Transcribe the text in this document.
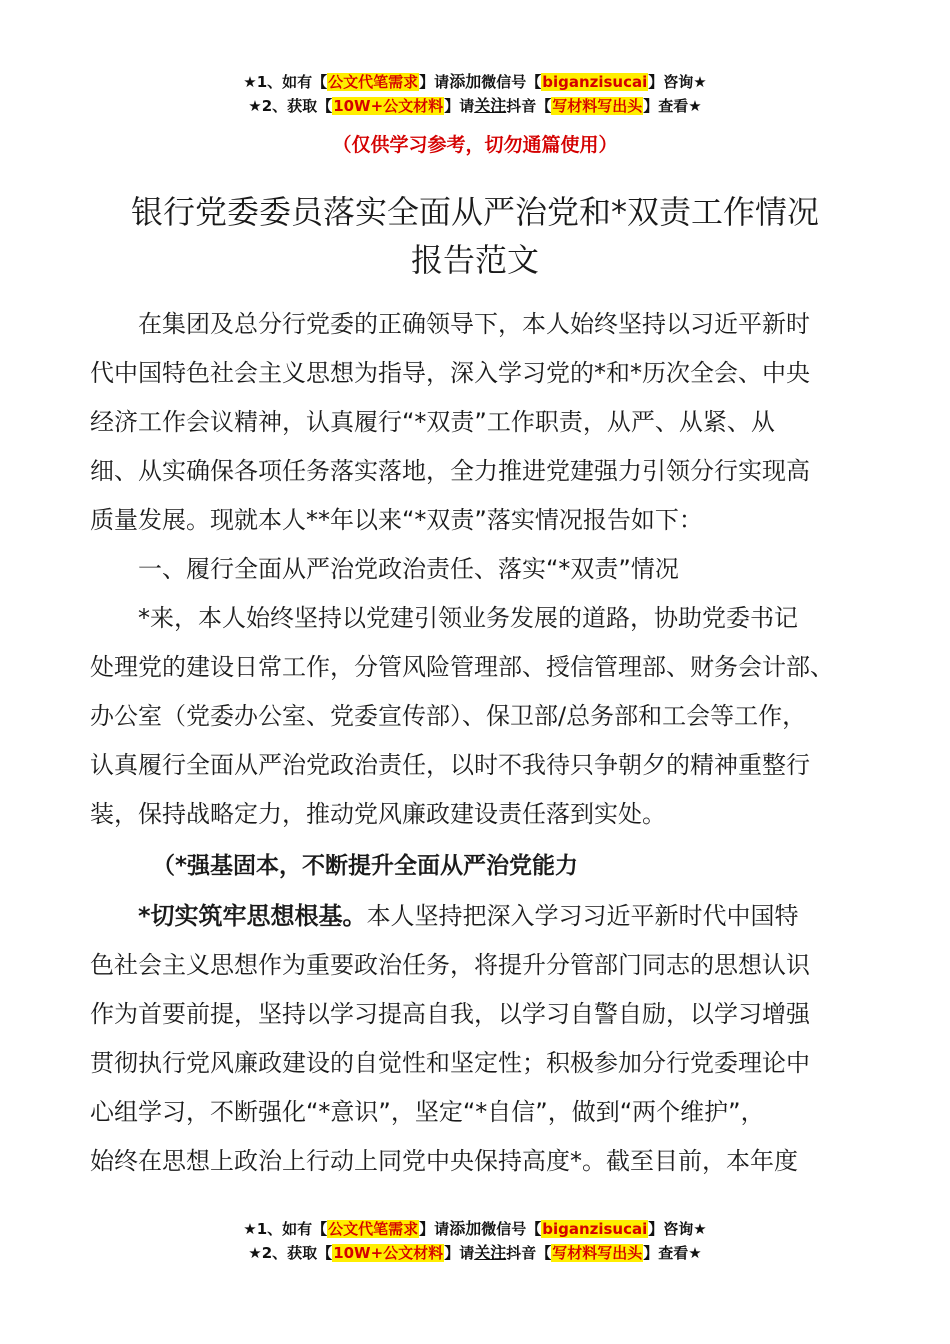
★1、如有【公文代笔需求】请添加微信号【biganzisucai】咨询★
★2、获取【10W+公文材料】请关注抖音【写材料写出头】查看★
（仅供学习参考，切勿通篇使用）
银行党委委员落实全面从严治党和*双责工作情况
报告范文
在集团及总分行党委的正确领导下，本人始终坚持以习近平新时
代中国特色社会主义思想为指导，深入学习党的*和*历次全会、中央
经济工作会议精神，认真履行“*双责”工作职责，从严、从紧、从
细、从实确保各项任务落实落地，全力推进党建强力引领分行实现高
质量发展。现就本人**年以来“*双责”落实情况报告如下：
一、履行全面从严治党政治责任、落实“*双责”情况
*来，本人始终坚持以党建引领业务发展的道路，协助党委书记
处理党的建设日常工作，分管风险管理部、授信管理部、财务会计部、
办公室（党委办公室、党委宣传部）、保卫部/总务部和工会等工作，
认真履行全面从严治党政治责任，以时不我待只争朝夕的精神重整行
装，保持战略定力，推动党风廉政建设责任落到实处。
（*强基固本，不断提升全面从严治党能力
*切实筑牢思想根基。本人坚持把深入学习习近平新时代中国特
色社会主义思想作为重要政治任务，将提升分管部门同志的思想认识
作为首要前提，坚持以学习提高自我，以学习自警自励，以学习增强
贯彻执行党风廉政建设的自觉性和坚定性；积极参加分行党委理论中
心组学习，不断强化“*意识”，坚定“*自信”，做到“两个维护”，
始终在思想上政治上行动上同党中央保持高度*。截至目前，本年度
★1、如有【公文代笔需求】请添加微信号【biganzisucai】咨询★
★2、获取【10W+公文材料】请关注抖音【写材料写出头】查看★
